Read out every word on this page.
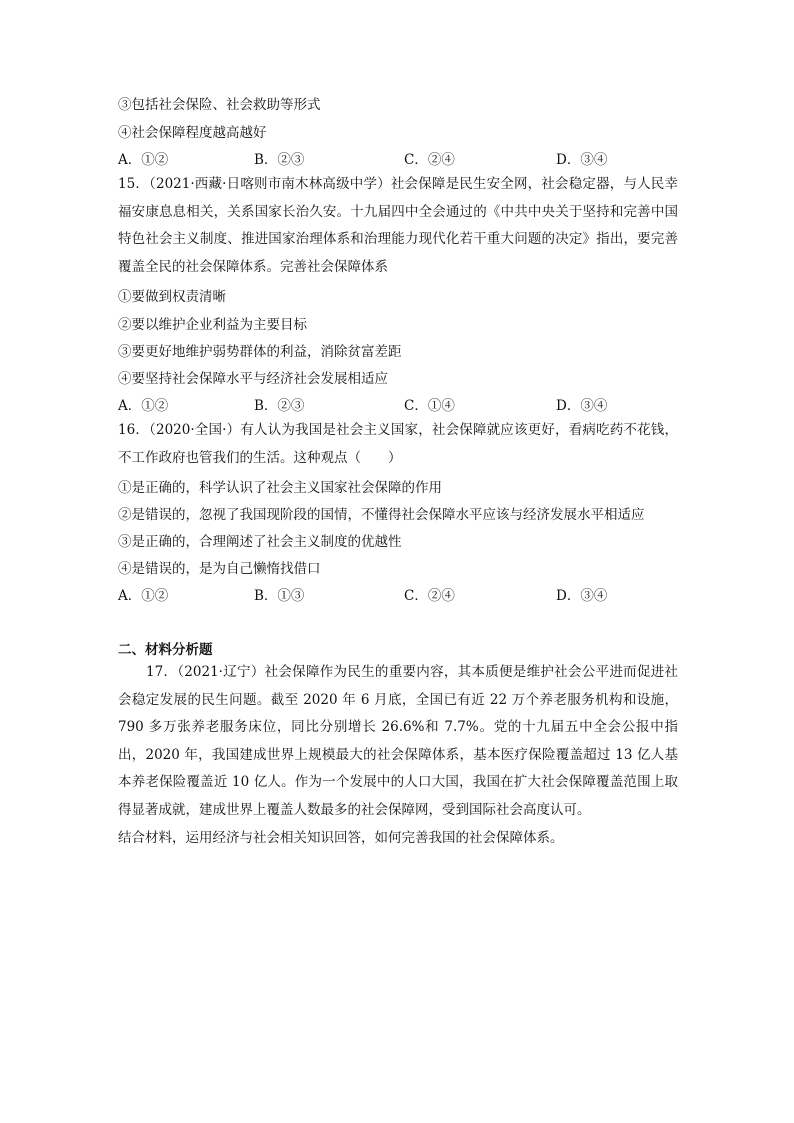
③包括社会保险、社会救助等形式
④社会保障程度越高越好
A．①②	B．②③	C．②④	D．③④
15．（2021·西藏·日喀则市南木林高级中学）社会保障是民生安全网，社会稳定器，与人民幸福安康息息相关，关系国家长治久安。十九届四中全会通过的《中共中央关于坚持和完善中国特色社会主义制度、推进国家治理体系和治理能力现代化若干重大问题的决定》指出，要完善覆盖全民的社会保障体系。完善社会保障体系
①要做到权责清晰
②要以维护企业利益为主要目标
③要更好地维护弱势群体的利益，消除贫富差距
④要坚持社会保障水平与经济社会发展相适应
A．①②	B．②③	C．①④	D．③④
16．（2020·全国·）有人认为我国是社会主义国家，社会保障就应该更好，看病吃药不花钱，不工作政府也管我们的生活。这种观点（　　）
①是正确的，科学认识了社会主义国家社会保障的作用
②是错误的，忽视了我国现阶段的国情，不懂得社会保障水平应该与经济发展水平相适应
③是正确的，合理阐述了社会主义制度的优越性
④是错误的，是为自己懒惰找借口
A．①②	B．①③	C．②④	D．③④
二、材料分析题
17．（2021·辽宁）社会保障作为民生的重要内容，其本质便是维护社会公平进而促进社会稳定发展的民生问题。截至 2020 年 6 月底，全国已有近 22 万个养老服务机构和设施，790 多万张养老服务床位，同比分别增长 26.6%和 7.7%。党的十九届五中全会公报中指出，2020 年，我国建成世界上规模最大的社会保障体系，基本医疗保险覆盖超过 13 亿人基本养老保险覆盖近 10 亿人。作为一个发展中的人口大国，我国在扩大社会保障覆盖范围上取得显著成就，建成世界上覆盖人数最多的社会保障网，受到国际社会高度认可。
结合材料，运用经济与社会相关知识回答，如何完善我国的社会保障体系。
